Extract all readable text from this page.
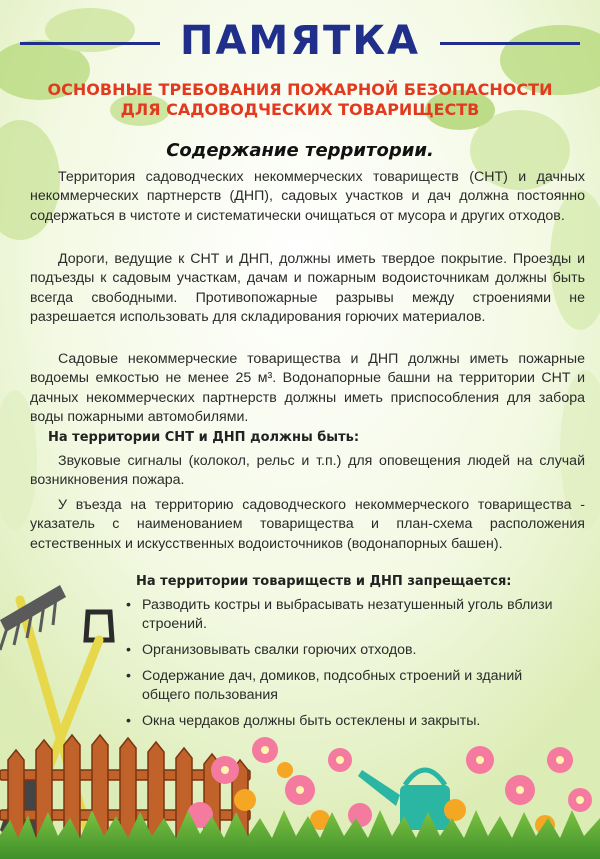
ПАМЯТКА
ОСНОВНЫЕ ТРЕБОВАНИЯ ПОЖАРНОЙ БЕЗОПАСНОСТИ
ДЛЯ САДОВОДЧЕСКИХ ТОВАРИЩЕСТВ
Содержание территории.
Территория садоводческих некоммерческих товариществ (СНТ) и дачных некоммерческих партнерств (ДНП), садовых участков и дач должна постоянно содержаться в чистоте и систематически очищаться от мусора и других отходов.
Дороги, ведущие к СНТ и ДНП, должны иметь твердое покрытие. Проезды и подъезды к садовым участкам, дачам и пожарным водоисточникам должны быть всегда свободными. Противопожарные разрывы между строениями не разрешается использовать для складирования горючих материалов.
Садовые некоммерческие товарищества и ДНП должны иметь пожарные водоемы емкостью не менее 25 м³. Водонапорные башни на территории СНТ и дачных некоммерческих партнерств должны иметь приспособления для забора воды пожарными автомобилями.
На территории СНТ и ДНП должны быть:
Звуковые сигналы (колокол, рельс и т.п.) для оповещения людей на случай возникновения пожара.
У въезда на территорию садоводческого некоммерческого товарищества - указатель с наименованием товарищества и план-схема расположения естественных и искусственных водоисточников (водонапорных башен).
На территории товариществ и ДНП запрещается:
• Разводить костры и выбрасывать незатушенный уголь вблизи строений.
• Организовывать свалки горючих отходов.
• Содержание дач, домиков, подсобных строений и зданий общего пользования
• Окна чердаков должны быть остеклены и закрыты.
